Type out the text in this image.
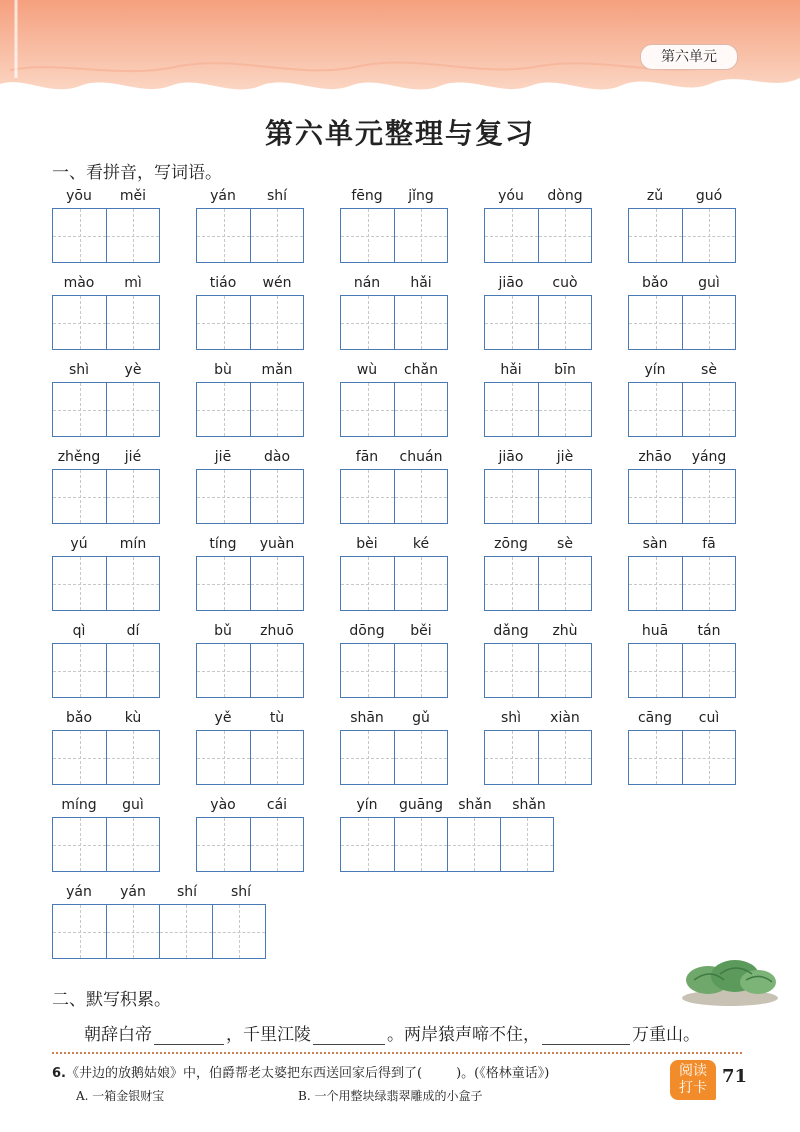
第六单元
第六单元整理与复习
一、看拼音，写词语。
yōu	měi	yán	shí	fēng	jǐng	yóu	dòng	zǔ	guó
mào	mì	tiáo	wén	nán	hǎi	jiāo	cuò	bǎo	guì
shì	yè	bù	mǎn	wù	chǎn	hǎi	bīn	yín	sè
zhěng	jié	jiē	dào	fān	chuán	jiāo	jiè	zhāo	yáng
yú	mín	tíng	yuàn	bèi	ké	zōng	sè	sàn	fā
qì	dí	bǔ	zhuō	dōng	běi	dǎng	zhù	huā	tán
bǎo	kù	yě	tù	shān	gǔ	shì	xiàn	cāng	cuì
míng	guì	yào	cái	yín	guāng	shǎn	shǎn
yán	yán	shí	shí
二、默写积累。
朝辞白帝	，千里江陵	。两岸猿声啼不住，	万重山。
6.《井边的放鹅姑娘》中，伯爵帮老太婆把东西送回家后得到了(	)。(《格林童话》)
A. 一箱金银财宝	B. 一个用整块绿翡翠雕成的小盒子
阅读
打卡
71
